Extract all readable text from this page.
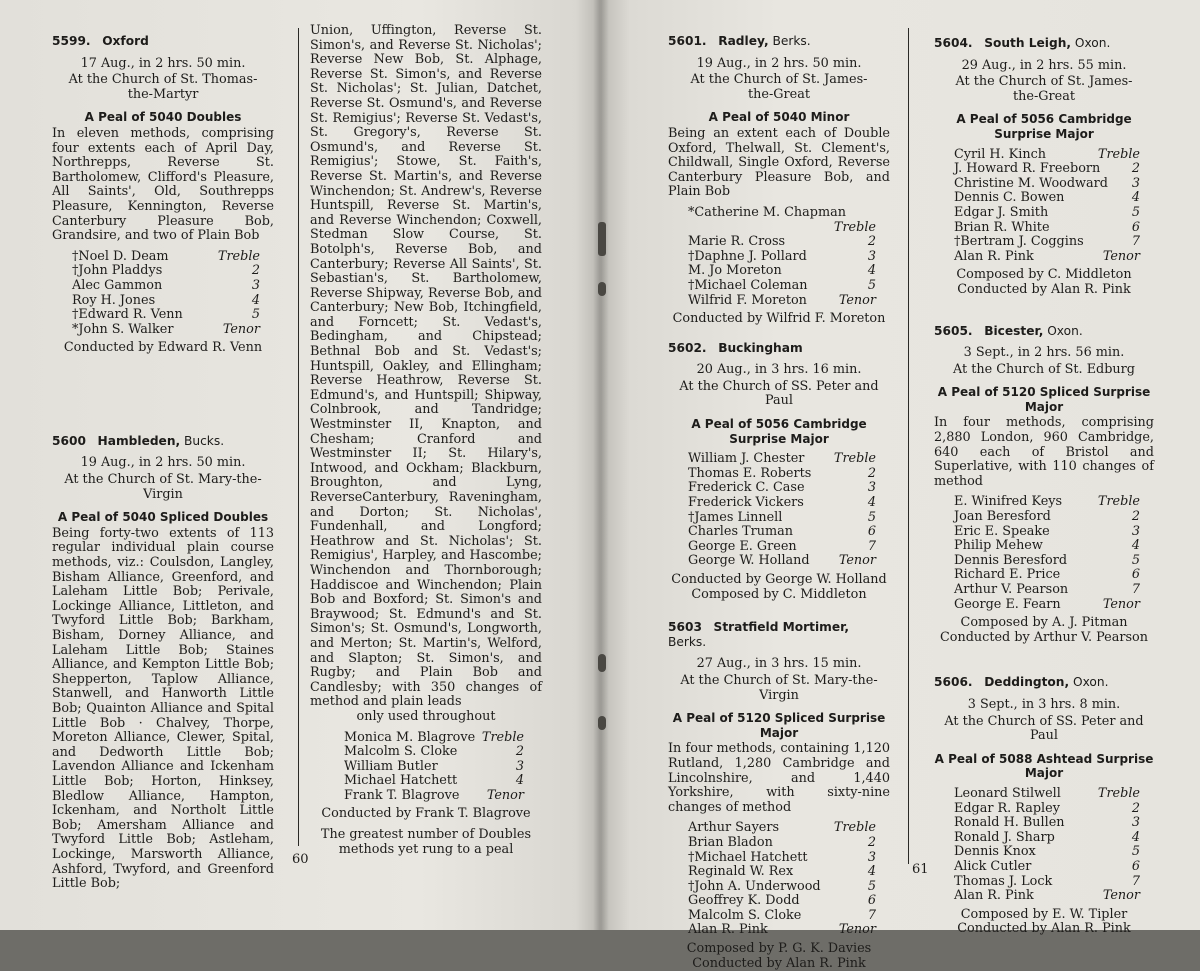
5599. Oxford

17 Aug., in 2 hrs. 50 min.

At the Church of St. Thomas-the-Martyr

A Peal of 5040 Doubles

In eleven methods, comprising four extents each of April Day, Northrepps, Reverse St. Bartholomew, Clifford's Pleasure, All Saints', Old, Southrepps Pleasure, Kennington, Reverse Canterbury Pleasure Bob, Grandsire, and two of Plain Bob

†Noel D. Deam	Treble
†John Pladdys	2
Alec Gammon	3
Roy H. Jones	4
†Edward R. Venn	5
*John S. Walker	Tenor

Conducted by Edward R. Venn

5600 Hambleden, Bucks.

19 Aug., in 2 hrs. 50 min.

At the Church of St. Mary-the-Virgin

A Peal of 5040 Spliced Doubles

Being forty-two extents of 113 regular individual plain course methods, viz.: Coulsdon, Langley, Bisham Alliance, Greenford, and Laleham Little Bob; Perivale, Lockinge Alliance, Littleton, and Twyford Little Bob; Barkham, Bisham, Dorney Alliance, and Laleham Little Bob; Staines Alliance, and Kempton Little Bob; Shepperton, Taplow Alliance, Stanwell, and Hanworth Little Bob; Quainton Alliance and Spital Little Bob · Chalvey, Thorpe, Moreton Alliance, Clewer, Spital, and Dedworth Little Bob; Lavendon Alliance and Ickenham Little Bob; Horton, Hinksey, Bledlow Alliance, Hampton, Ickenham, and Northolt Little Bob; Amersham Alliance and Twyford Little Bob; Astleham, Lockinge, Marsworth Alliance, Ashford, Twyford, and Greenford Little Bob;

Union, Uffington, Reverse St. Simon's, and Reverse St. Nicholas'; Reverse New Bob, St. Alphage, Reverse St. Simon's, and Reverse St. Nicholas'; St. Julian, Datchet, Reverse St. Osmund's, and Reverse St. Remigius'; Reverse St. Vedast's, St. Gregory's, Reverse St. Osmund's, and Reverse St. Remigius'; Stowe, St. Faith's, Reverse St. Martin's, and Reverse Winchendon; St. Andrew's, Reverse Huntspill, Reverse St. Martin's, and Reverse Winchendon; Coxwell, Stedman Slow Course, St. Botolph's, Reverse Bob, and Canterbury; Reverse All Saints', St. Sebastian's, St. Bartholomew, Reverse Shipway, Reverse Bob, and Canterbury; New Bob, Itchingfield, and Forncett; St. Vedast's, Bedingham, and Chipstead; Bethnal Bob and St. Vedast's; Huntspill, Oakley, and Ellingham; Reverse Heathrow, Reverse St. Edmund's, and Huntspill; Shipway, Colnbrook, and Tandridge; Westminster II, Knapton, and Chesham; Cranford and Westminster II; St. Hilary's, Intwood, and Ockham; Blackburn, Broughton, and Lyng, ReverseCanterbury, Raveningham, and Dorton; St. Nicholas', Fundenhall, and Longford; Heathrow and St. Nicholas'; St. Remigius', Harpley, and Hascombe; Winchendon and Thornborough; Haddiscoe and Winchendon; Plain Bob and Boxford; St. Simon's and Braywood; St. Edmund's and St. Simon's; St. Osmund's, Longworth, and Merton; St. Martin's, Welford, and Slapton; St. Simon's, and Rugby; and Plain Bob and Candlesby; with 350 changes of method and plain leads

only used throughout

Monica M. Blagrove Treble
Malcolm S. Cloke	2
William Butler	3
Michael Hatchett	4
Frank T. Blagrove Tenor

Conducted by Frank T. Blagrove

The greatest number of Doubles methods yet rung to a peal

5601. Radley, Berks.

19 Aug., in 2 hrs. 50 min.

At the Church of St. James-the-Great

A Peal of 5040 Minor

Being an extent each of Double Oxford, Thelwall, St. Clement's, Childwall, Single Oxford, Reverse Canterbury Pleasure Bob, and Plain Bob

*Catherine M. Chapman
Treble
Marie R. Cross	2
†Daphne J. Pollard	3
M. Jo Moreton	4
†Michael Coleman	5
Wilfrid F. Moreton Tenor

Conducted by Wilfrid F. Moreton

5602. Buckingham

20 Aug., in 3 hrs. 16 min.

At the Church of SS. Peter and Paul

A Peal of 5056 Cambridge Surprise Major

William J. Chester Treble
Thomas E. Roberts	2
Frederick C. Case	3
Frederick Vickers	4
†James Linnell	5
Charles Truman	6
George E. Green	7
George W. Holland Tenor

Conducted by George W. Holland

Composed by C. Middleton

5603 Stratfield Mortimer, Berks.

27 Aug., in 3 hrs. 15 min.

At the Church of St. Mary-the-Virgin

A Peal of 5120 Spliced Surprise Major

In four methods, containing 1,120 Rutland, 1,280 Cambridge and Lincolnshire, and 1,440 Yorkshire, with sixty-nine changes of method

Arthur Sayers	Treble
Brian Bladon	2
†Michael Hatchett	3
Reginald W. Rex	4
†John A. Underwood	5
Geoffrey K. Dodd	6
Malcolm S. Cloke	7
Alan R. Pink	Tenor

Composed by P. G. K. Davies

Conducted by Alan R. Pink

5604. South Leigh, Oxon.

29 Aug., in 2 hrs. 55 min.

At the Church of St. James-the-Great

A Peal of 5056 Cambridge Surprise Major

Cyril H. Kinch	Treble
J. Howard R. Freeborn 2
Christine M. Woodward 3
Dennis C. Bowen	4
Edgar J. Smith	5
Brian R. White	6
†Bertram J. Coggins	7
Alan R. Pink	Tenor

Composed by C. Middleton

Conducted by Alan R. Pink

5605. Bicester, Oxon.

3 Sept., in 2 hrs. 56 min.

At the Church of St. Edburg

A Peal of 5120 Spliced Surprise Major

In four methods, comprising 2,880 London, 960 Cambridge, 640 each of Bristol and Superlative, with 110 changes of method

E. Winifred Keys	Treble
Joan Beresford	2
Eric E. Speake	3
Philip Mehew	4
Dennis Beresford	5
Richard E. Price	6
Arthur V. Pearson	7
George E. Fearn	Tenor

Composed by A. J. Pitman

Conducted by Arthur V. Pearson

5606. Deddington, Oxon.

3 Sept., in 3 hrs. 8 min.

At the Church of SS. Peter and Paul

A Peal of 5088 Ashtead Surprise Major

Leonard Stilwell	Treble
Edgar R. Rapley	2
Ronald H. Bullen	3
Ronald J. Sharp	4
Dennis Knox	5
Alick Cutler	6
Thomas J. Lock	7
Alan R. Pink	Tenor

Composed by E. W. Tipler

Conducted by Alan R. Pink

60
61
